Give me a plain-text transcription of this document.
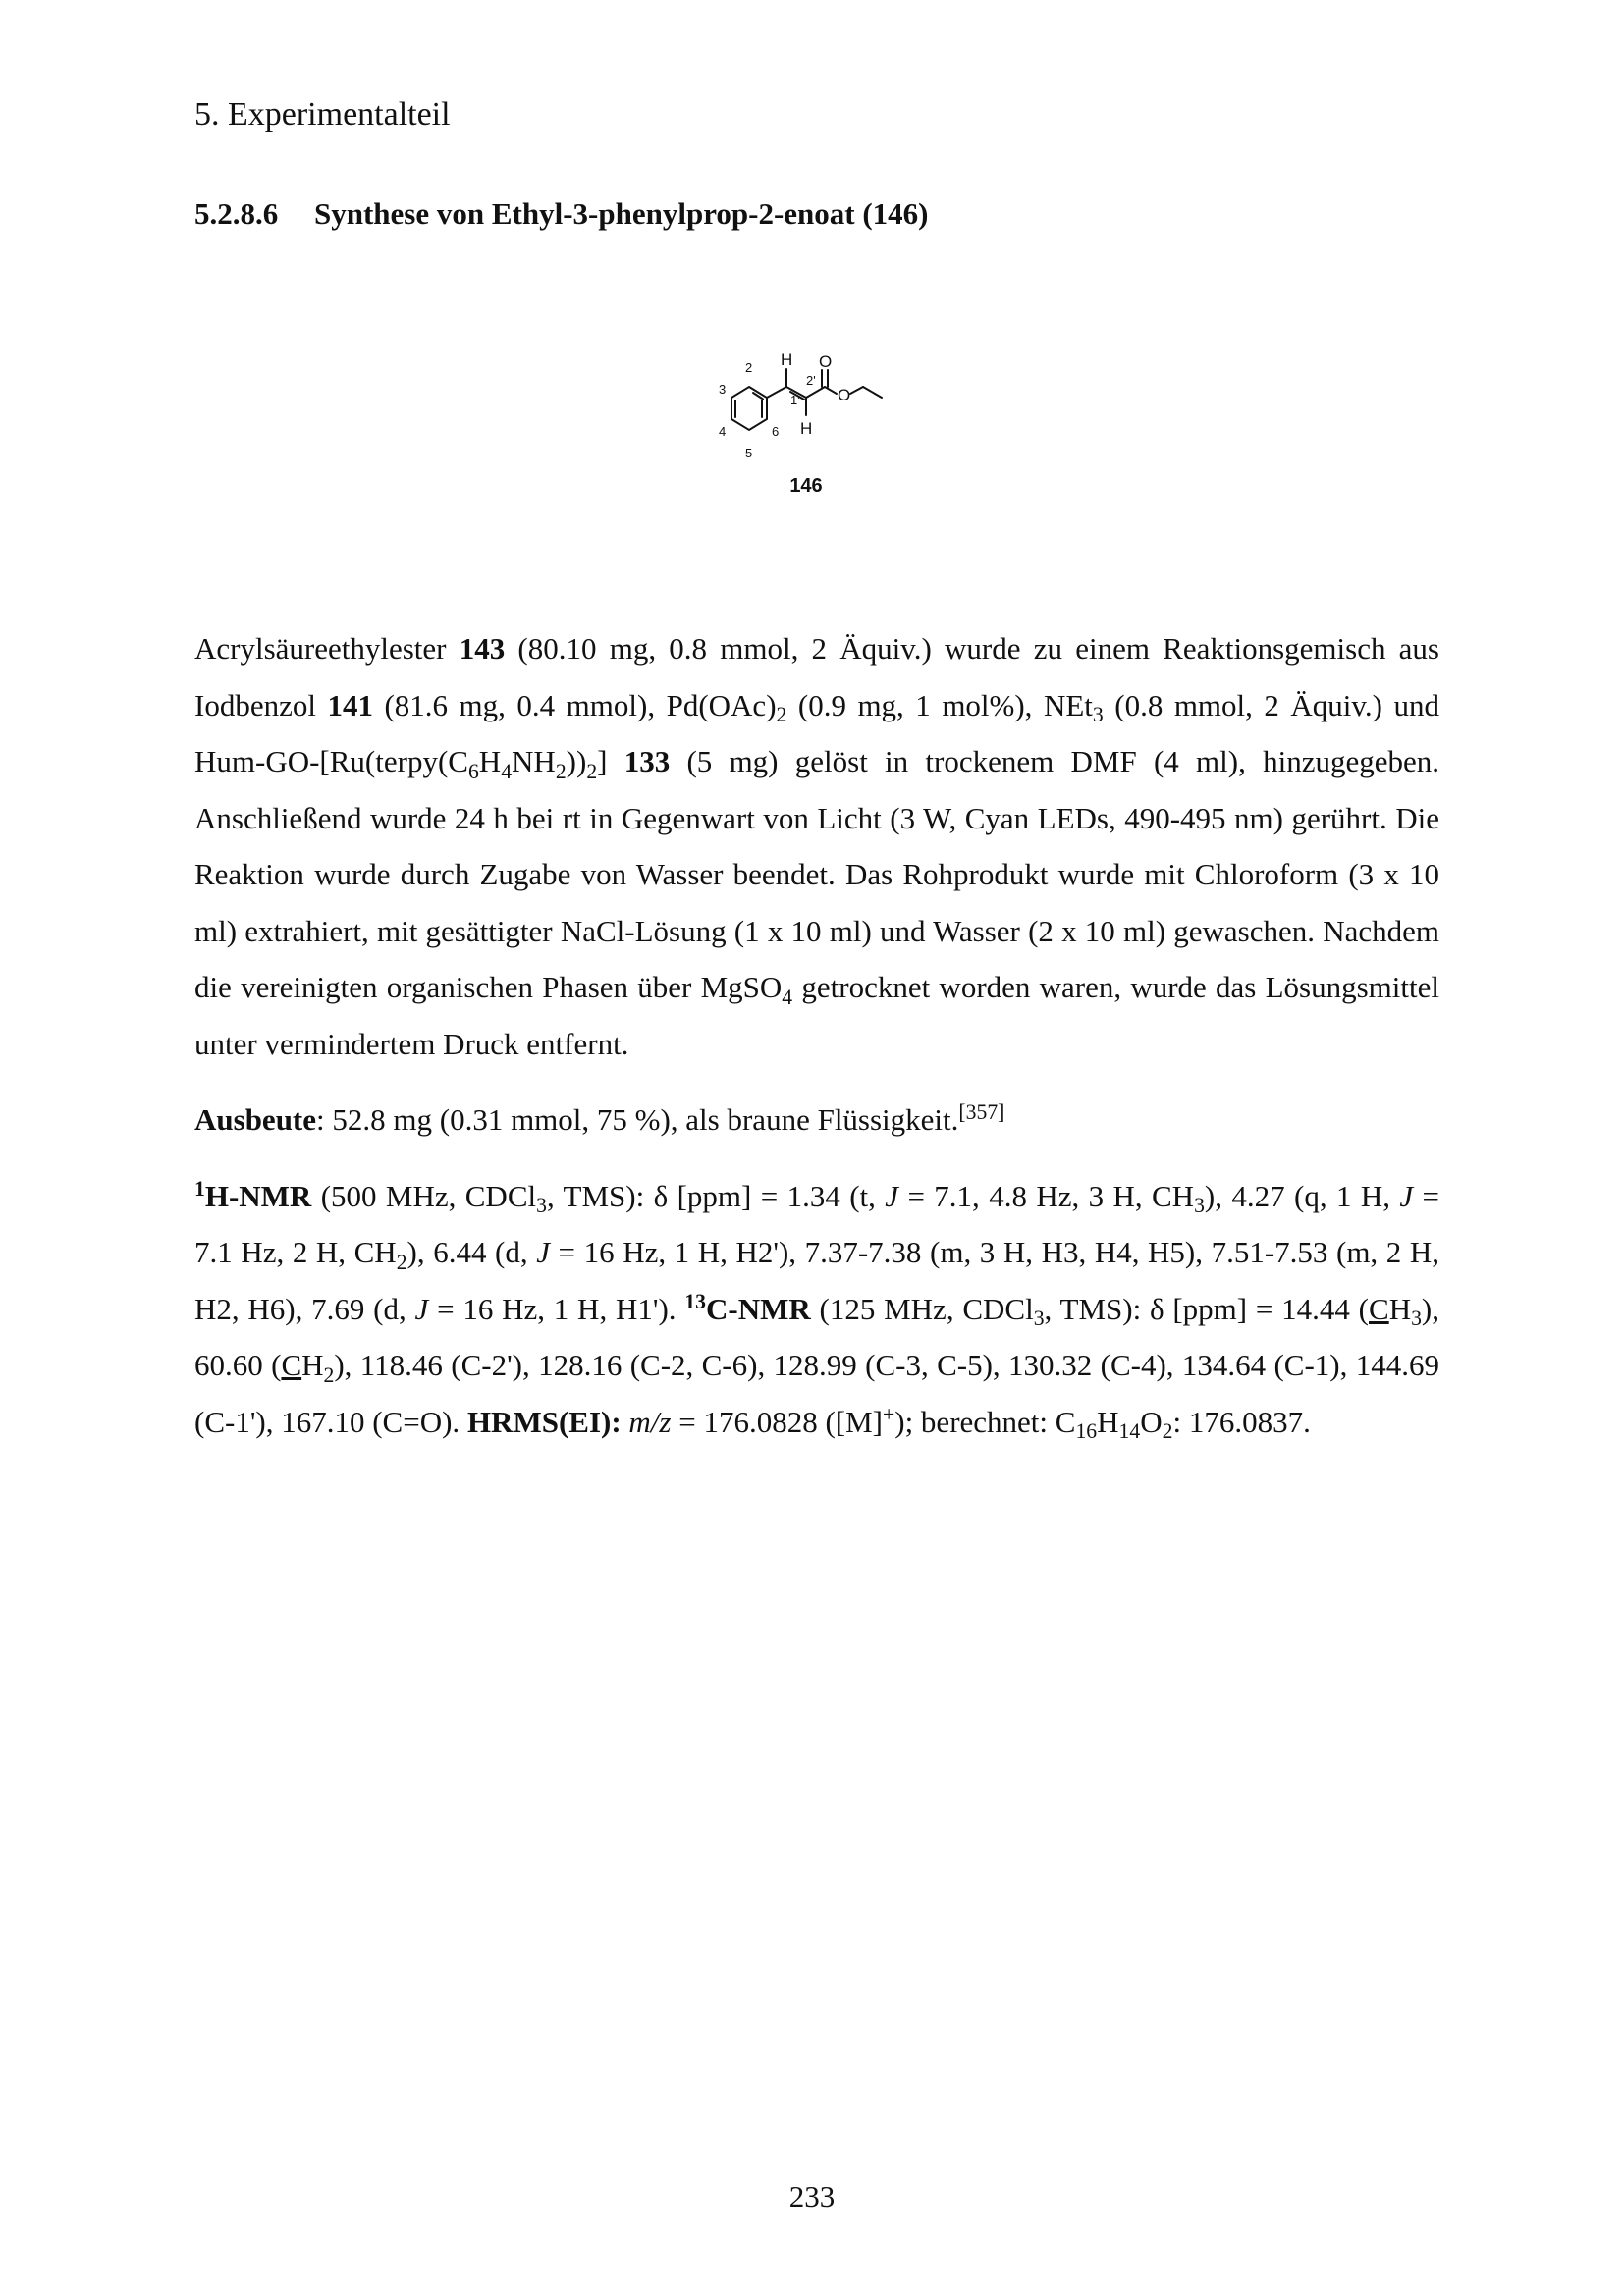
5. Experimentalteil
5.2.8.6 Synthese von Ethyl-3-phenylprop-2-enoat (146)
H O
O
H
2
3
4
5
6
1'
2'
146

Acrylsäureethylester 143 (80.10 mg, 0.8 mmol, 2 Äquiv.) wurde zu einem Reaktionsgemisch aus Iodbenzol 141 (81.6 mg, 0.4 mmol), $Pd(OAc)_2$ (0.9 mg, 1 mol%), NEt$_3$ (0.8 mmol, 2 Äquiv.) und Hum-$GO-[Ru(terpy(C_6H_4NH_2))_2]$ 133 (5 mg) gelöst in trockenem DMF (4 ml), hinzugegeben. Anschließend wurde 24 h bei rt in Gegenwart von Licht (3 W, Cyan LEDs, 490-495 nm) gerührt. Die Reaktion wurde durch Zugabe von Wasser beendet. Das Rohprodukt wurde mit Chloroform (3 x 10 ml) extrahiert, mit gesättigter NaCl-Lösung (1 x 10 ml) und Wasser (2 x 10 ml) gewaschen. Nachdem die vereinigten organischen Phasen über MgSO$_4$ getrocknet worden waren, wurde das Lösungsmittel unter vermindertem Druck entfernt.

Ausbeute: 52.8 mg (0.31 mmol, 75 %), als braune Flüssigkeit.[357]

$^1$H-NMR (500 MHz, CDCl$_3$, TMS): δ [ppm] = 1.34 (t, J = 7.1, 4.8 Hz, 3 H, $CH_3$), 4.27 (q, 1 H, J = 7.1 Hz, 2 H, $CH_2$), 6.44 (d, J = 16 Hz, 1 H, H2'), 7.37-7.38 (m, 3 H, H3, H4, H5), 7.51-7.53 (m, 2 H, H2, H6), 7.69 (d, J = 16 Hz, 1 H, H1'). $^{13}$C-NMR (125 MHz, CDCl$_3$, TMS): δ [ppm] = 14.44 $(CH_3)$, 60.60 $(CH_2)$, 118.46 (C-2'), 128.16 (C-2, C-6), 128.99 (C-3, C-5), 130.32 (C-4), 134.64 (C-1), 144.69 (C-1'), 167.10 (C=O). HRMS(EI): m/z = 176.0828 ([M]+); berechnet: $C_{16}H_{14}O_2$: 176.0837.

233
